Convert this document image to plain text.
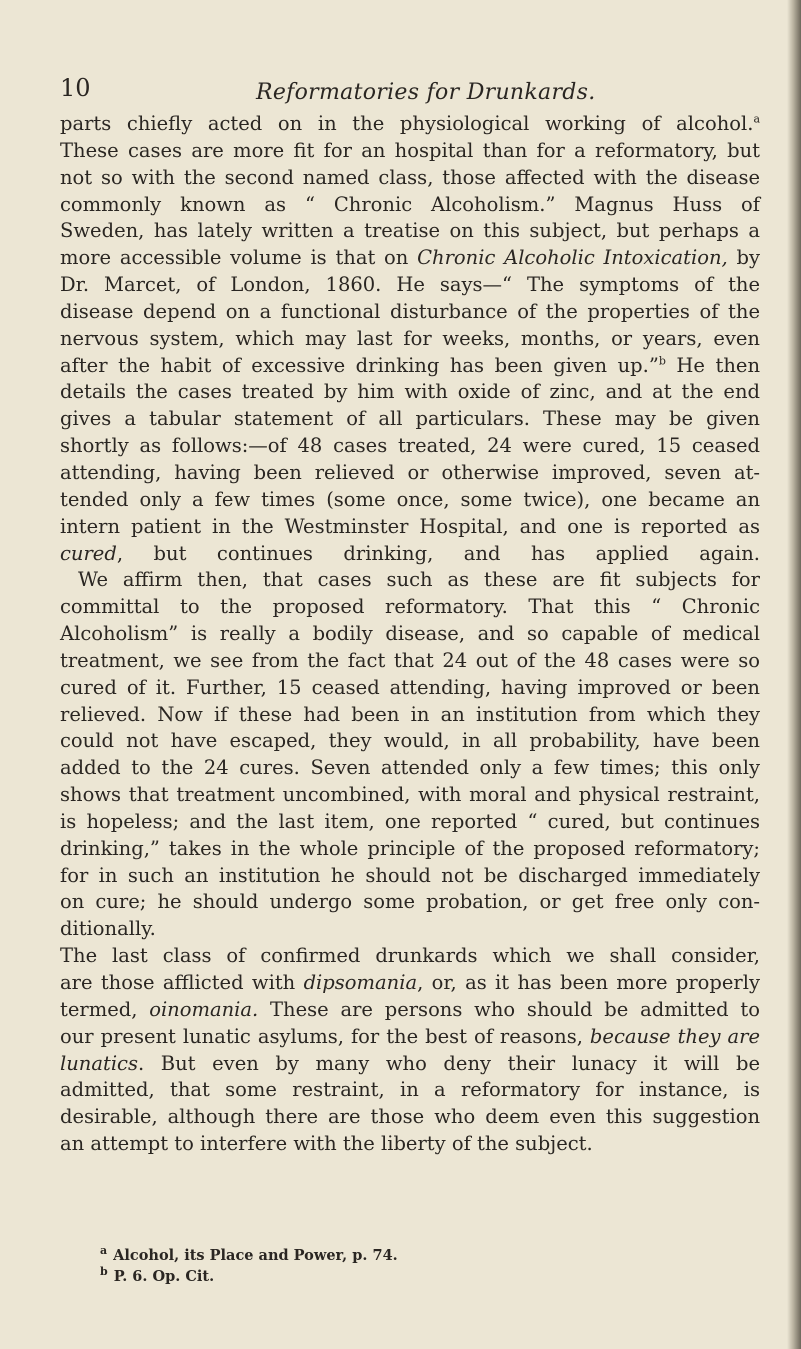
10	Reformatories for Drunkards.
parts chiefly acted on in the physiological working of alcohol.$^a$
These cases are more fit for an hospital than for a reformatory, but
not so with the second named class, those affected with the disease
commonly known as “ Chronic Alcoholism.” Magnus Huss of
Sweden, has lately written a treatise on this subject, but perhaps a
more accessible volume is that on Chronic Alcoholic Intoxication, by
Dr. Marcet, of London, 1860. He says—“ The symptoms of the
disease depend on a functional disturbance of the properties of the
nervous system, which may last for weeks, months, or years, even
after the habit of excessive drinking has been given up.”$^b$ He then
details the cases treated by him with oxide of zinc, and at the end
gives a tabular statement of all particulars. These may be given
shortly as follows:—of 48 cases treated, 24 were cured, 15 ceased
attending, having been relieved or otherwise improved, seven at-
tended only a few times (some once, some twice), one became an
intern patient in the Westminster Hospital, and one is reported as
cured, but continues drinking, and has applied again.
We affirm then, that cases such as these are fit subjects for
committal to the proposed reformatory. That this “ Chronic
Alcoholism” is really a bodily disease, and so capable of medical
treatment, we see from the fact that 24 out of the 48 cases were so
cured of it. Further, 15 ceased attending, having improved or been
relieved. Now if these had been in an institution from which they
could not have escaped, they would, in all probability, have been
added to the 24 cures. Seven attended only a few times; this only
shows that treatment uncombined, with moral and physical restraint,
is hopeless; and the last item, one reported “ cured, but continues
drinking,” takes in the whole principle of the proposed reformatory;
for in such an institution he should not be discharged immediately
on cure; he should undergo some probation, or get free only con-
ditionally.
The last class of confirmed drunkards which we shall consider,
are those afflicted with dipsomania, or, as it has been more properly
termed, oinomania. These are persons who should be admitted to
our present lunatic asylums, for the best of reasons, because they are
lunatics. But even by many who deny their lunacy it will be
admitted, that some restraint, in a reformatory for instance, is
desirable, although there are those who deem even this suggestion
an attempt to interfere with the liberty of the subject.
$^a$ Alcohol, its Place and Power, p. 74.
$^b$ P. 6. Op. Cit.
